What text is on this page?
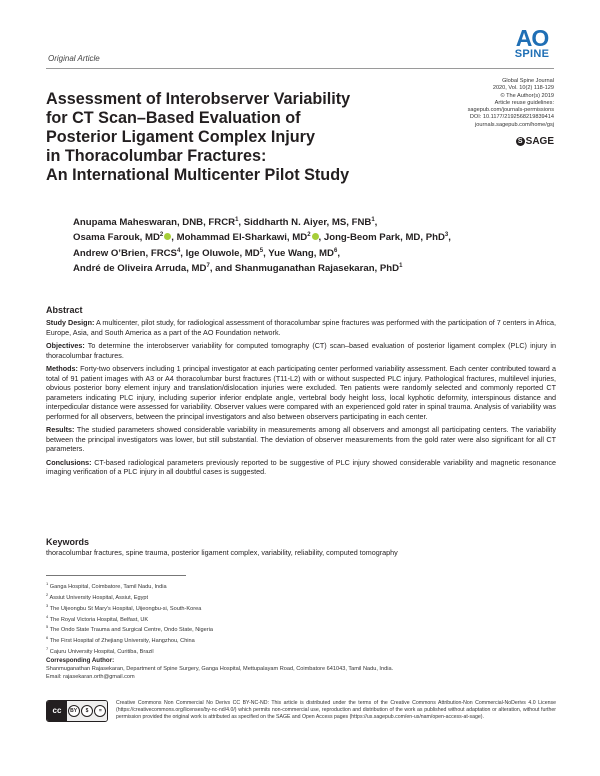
Original Article
AO
SPINE
Global Spine Journal
2020, Vol. 10(2) 118-129
© The Author(s) 2019
Article reuse guidelines:
sagepub.com/journals-permissions
DOI: 10.1177/2192568219839414
journals.sagepub.com/home/gsj
S SAGE
Assessment of Interobserver Variability
for CT Scan–Based Evaluation of
Posterior Ligament Complex Injury
in Thoracolumbar Fractures:
An International Multicenter Pilot Study
Anupama Maheswaran, DNB, FRCR$^1$, Siddharth N. Aiyer, MS, FNB$^1$,
Osama Farouk, $MD^2$ , Mohammad El-Sharkawi, $MD^2$ , Jong-Beom Park, MD, PhD$^3$,
Andrew O’Brien, FRCS$^4$, Ige Oluwole, $MD^5$, Yue Wang, $MD^6$,
André de Oliveira Arruda, $MD^7$, and Shanmuganathan Rajasekaran, PhD$^1$
Abstract

Study Design: A multicenter, pilot study, for radiological assessment of thoracolumbar spine fractures was performed with the participation of 7 centers in Africa, Europe, Asia, and South America as a part of the AO Foundation network.

Objectives: To determine the interobserver variability for computed tomography (CT) scan–based evaluation of posterior ligament complex (PLC) injury in thoracolumbar fractures.

Methods: Forty-two observers including 1 principal investigator at each participating center performed variability assessment. Each center contributed toward a total of 91 patient images with A3 or A4 thoracolumbar burst fractures (T11-L2) with or without suspected PLC injury. Pathological fractures, multilevel injuries, obvious posterior bony element injury and translation/dislocation injuries were excluded. Ten patients were randomly selected and commonly reported CT parameters indicating PLC injury, including superior inferior endplate angle, vertebral body height loss, local kyphotic deformity, interspinous distance and interpedicular distance were assessed for variability. Observer values were compared with an experienced gold rater in spinal trauma. Analysis of variability was performed for all observers, between the principal investigators and also between observers participating in each center.

Results: The studied parameters showed considerable variability in measurements among all observers and amongst all participating centers. The variability between the principal investigators was lower, but still substantial. The deviation of observer measurements from the gold rater were also significant for all CT parameters.

Conclusions: CT-based radiological parameters previously reported to be suggestive of PLC injury showed considerable variability and magnetic resonance imaging verification of a PLC injury in all doubtful cases is suggested.

Keywords
thoracolumbar fractures, spine trauma, posterior ligament complex, variability, reliability, computed tomography
$^1$ Ganga Hospital, Coimbatore, Tamil Nadu, India
$^2$ Assiut University Hospital, Assiut, Egypt
$^3$ The Uijeongbu St Mary’s Hospital, Uijeongbu-si, South-Korea
$^4$ The Royal Victoria Hospital, Belfast, UK
$^5$ The Ondo State Trauma and Surgical Centre, Ondo State, Nigeria
$^6$ The First Hospital of Zhejiang University, Hangzhou, China
$^7$ Cajuru University Hospital, Curitiba, Brazil
Corresponding Author:
Shanmuganathan Rajasekaran, Department of Spine Surgery, Ganga Hospital, Mettupalayam Road, Coimbatore 641043, Tamil Nadu, India.
Email: rajasekaran.orth@gmail.com
cc	BY	$	=
Creative Commons Non Commercial No Derivs CC BY-NC-ND: This article is distributed under the terms of the Creative Commons Attribution-Non Commercial-NoDerivs 4.0 License (https://creativecommons.org/licenses/by-nc-nd/4.0/) which permits non-commercial use, reproduction and distribution of the work as published without adaptation or alteration, without further permission provided the original work is attributed as specified on the SAGE and Open Access pages (https://us.sagepub.com/en-us/nam/open-access-at-sage).
